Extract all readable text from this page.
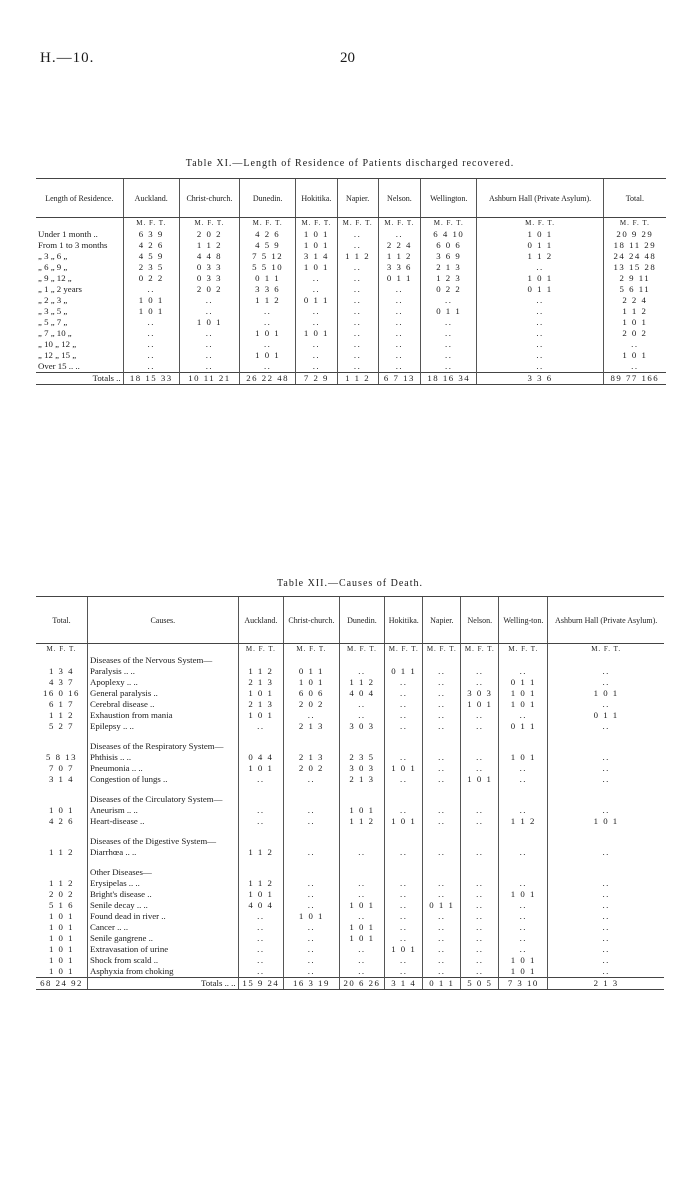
H.—10.	20
Table XI.—Length of Residence of Patients discharged recovered.
Length of Residence.	Auckland.	Christ-church.	Dunedin.	Hokitika.	Napier.	Nelson.	Wellington.	Ashburn Hall (Private Asylum).	Total.
	M. F. T.	M. F. T.	M. F. T.	M. F. T.	M. F. T.	M. F. T.	M. F. T.	M. F. T.	M. F. T.
Under 1 month ..	6 3 9	2 0 2	4 2 6	1 0 1	..	..	6 4 10	1 0 1	20 9 29
From 1 to 3 months	4 2 6	1 1 2	4 5 9	1 0 1	..	2 2 4	6 0 6	0 1 1	18 11 29
„ 3 „ 6 „	4 5 9	4 4 8	7 5 12	3 1 4	1 1 2	1 1 2	3 6 9	1 1 2	24 24 48
„ 6 „ 9 „	2 3 5	0 3 3	5 5 10	1 0 1	..	3 3 6	2 1 3	..	13 15 28
„ 9 „ 12 „	0 2 2	0 3 3	0 1 1	..	..	0 1 1	1 2 3	1 0 1	2 9 11
„ 1 „ 2 years	..	2 0 2	3 3 6	..	..	..	0 2 2	0 1 1	5 6 11
„ 2 „ 3 „	1 0 1	..	1 1 2	0 1 1	..	..	..	..	2 2 4
„ 3 „ 5 „	1 0 1	..	..	..	..	..	0 1 1	..	1 1 2
„ 5 „ 7 „	..	1 0 1	..	..	..	..	..	..	1 0 1
„ 7 „ 10 „	..	..	1 0 1	1 0 1	..	..	..	..	2 0 2
„ 10 „ 12 „	..	..	..	..	..	..	..	..	..
„ 12 „ 15 „	..	..	1 0 1	..	..	..	..	..	1 0 1
Over 15 .. ..	..	..	..	..	..	..	..	..	..
Totals ..	18 15 33	10 11 21	26 22 48	7 2 9	1 1 2	6 7 13	18 16 34	3 3 6	89 77 166
Table XII.—Causes of Death.
Total.	Causes.	Auckland.	Christ-church.	Dunedin.	Hokitika.	Napier.	Nelson.	Welling-ton.	Ashburn Hall (Private Asylum).
M. F. T.		M. F. T.	M. F. T.	M. F. T.	M. F. T.	M. F. T.	M. F. T.	M. F. T.	M. F. T.
	Diseases of the Nervous System—								
1 3 4	Paralysis .. ..	1 1 2	0 1 1	..	0 1 1	..	..	..	..
4 3 7	Apoplexy .. ..	2 1 3	1 0 1	1 1 2	..	..	..	0 1 1	..
16 0 16	General paralysis ..	1 0 1	6 0 6	4 0 4	..	..	3 0 3	1 0 1	1 0 1
6 1 7	Cerebral disease ..	2 1 3	2 0 2	..	..	..	1 0 1	1 0 1	..
1 1 2	Exhaustion from mania	1 0 1	..	..	..	..	..	..	0 1 1
5 2 7	Epilepsy .. ..	..	2 1 3	3 0 3	..	..	..	0 1 1	..

	Diseases of the Respiratory System—								
5 8 13	Phthisis .. ..	0 4 4	2 1 3	2 3 5	..	..	..	1 0 1	..
7 0 7	Pneumonia .. ..	1 0 1	2 0 2	3 0 3	1 0 1	..	..	..	..
3 1 4	Congestion of lungs ..	..	..	2 1 3	..	..	1 0 1	..	..

	Diseases of the Circulatory System—								
1 0 1	Aneurism .. ..	..	..	1 0 1	..	..	..	..	..
4 2 6	Heart-disease ..	..	..	1 1 2	1 0 1	..	..	1 1 2	1 0 1

	Diseases of the Digestive System—								
1 1 2	Diarrhœa .. ..	1 1 2	..	..	..	..	..	..	..

	Other Diseases—								
1 1 2	Erysipelas .. ..	1 1 2	..	..	..	..	..	..	..
2 0 2	Bright's disease ..	1 0 1	..	..	..	..	..	1 0 1	..
5 1 6	Senile decay .. ..	4 0 4	..	1 0 1	..	0 1 1	..	..	..
1 0 1	Found dead in river ..	..	1 0 1	..	..	..	..	..	..
1 0 1	Cancer .. ..	..	..	1 0 1	..	..	..	..	..
1 0 1	Senile gangrene ..	..	..	1 0 1	..	..	..	..	..
1 0 1	Extravasation of urine	..	..	..	1 0 1	..	..	..	..
1 0 1	Shock from scald ..	..	..	..	..	..	..	1 0 1	..
1 0 1	Asphyxia from choking	..	..	..	..	..	..	1 0 1	..
68 24 92	Totals .. ..	15 9 24	16 3 19	20 6 26	3 1 4	0 1 1	5 0 5	7 3 10	2 1 3
